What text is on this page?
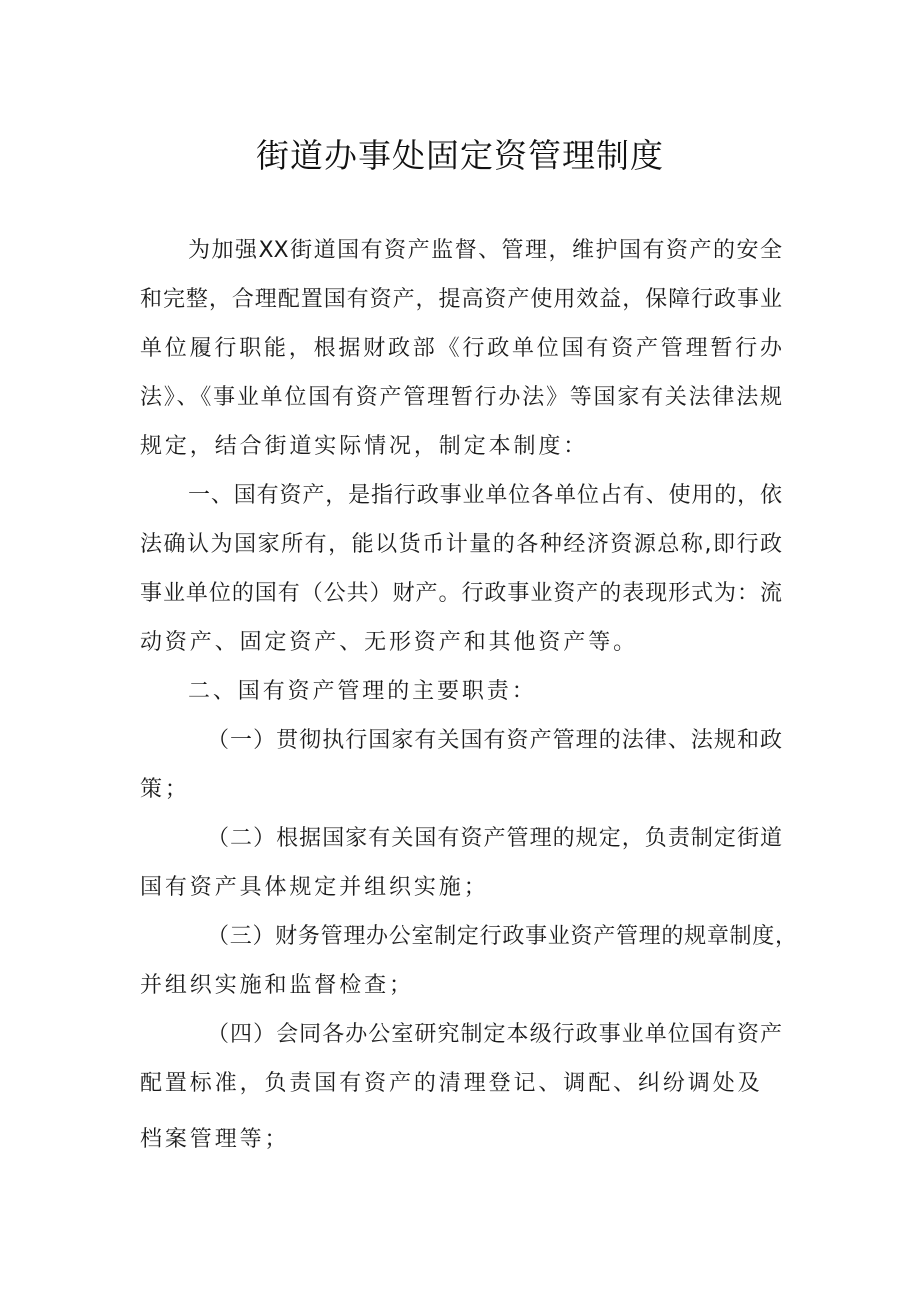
街道办事处固定资管理制度
为加强XX街道国有资产监督、管理，维护国有资产的安全
和完整，合理配置国有资产，提高资产使用效益，保障行政事业
单位履行职能，根据财政部《行政单位国有资产管理暂行办
法》、《事业单位国有资产管理暂行办法》等国家有关法律法规
规定，结合街道实际情况，制定本制度：
一、国有资产，是指行政事业单位各单位占有、使用的，依
法确认为国家所有，能以货币计量的各种经济资源总称,即行政
事业单位的国有（公共）财产。行政事业资产的表现形式为：流
动资产、固定资产、无形资产和其他资产等。
二、国有资产管理的主要职责：
（一）贯彻执行国家有关国有资产管理的法律、法规和政
策；
（二）根据国家有关国有资产管理的规定，负责制定街道
国有资产具体规定并组织实施；
（三）财务管理办公室制定行政事业资产管理的规章制度，
并组织实施和监督检查；
（四）会同各办公室研究制定本级行政事业单位国有资产
配置标准，负责国有资产的清理登记、调配、纠纷调处及
档案管理等；
